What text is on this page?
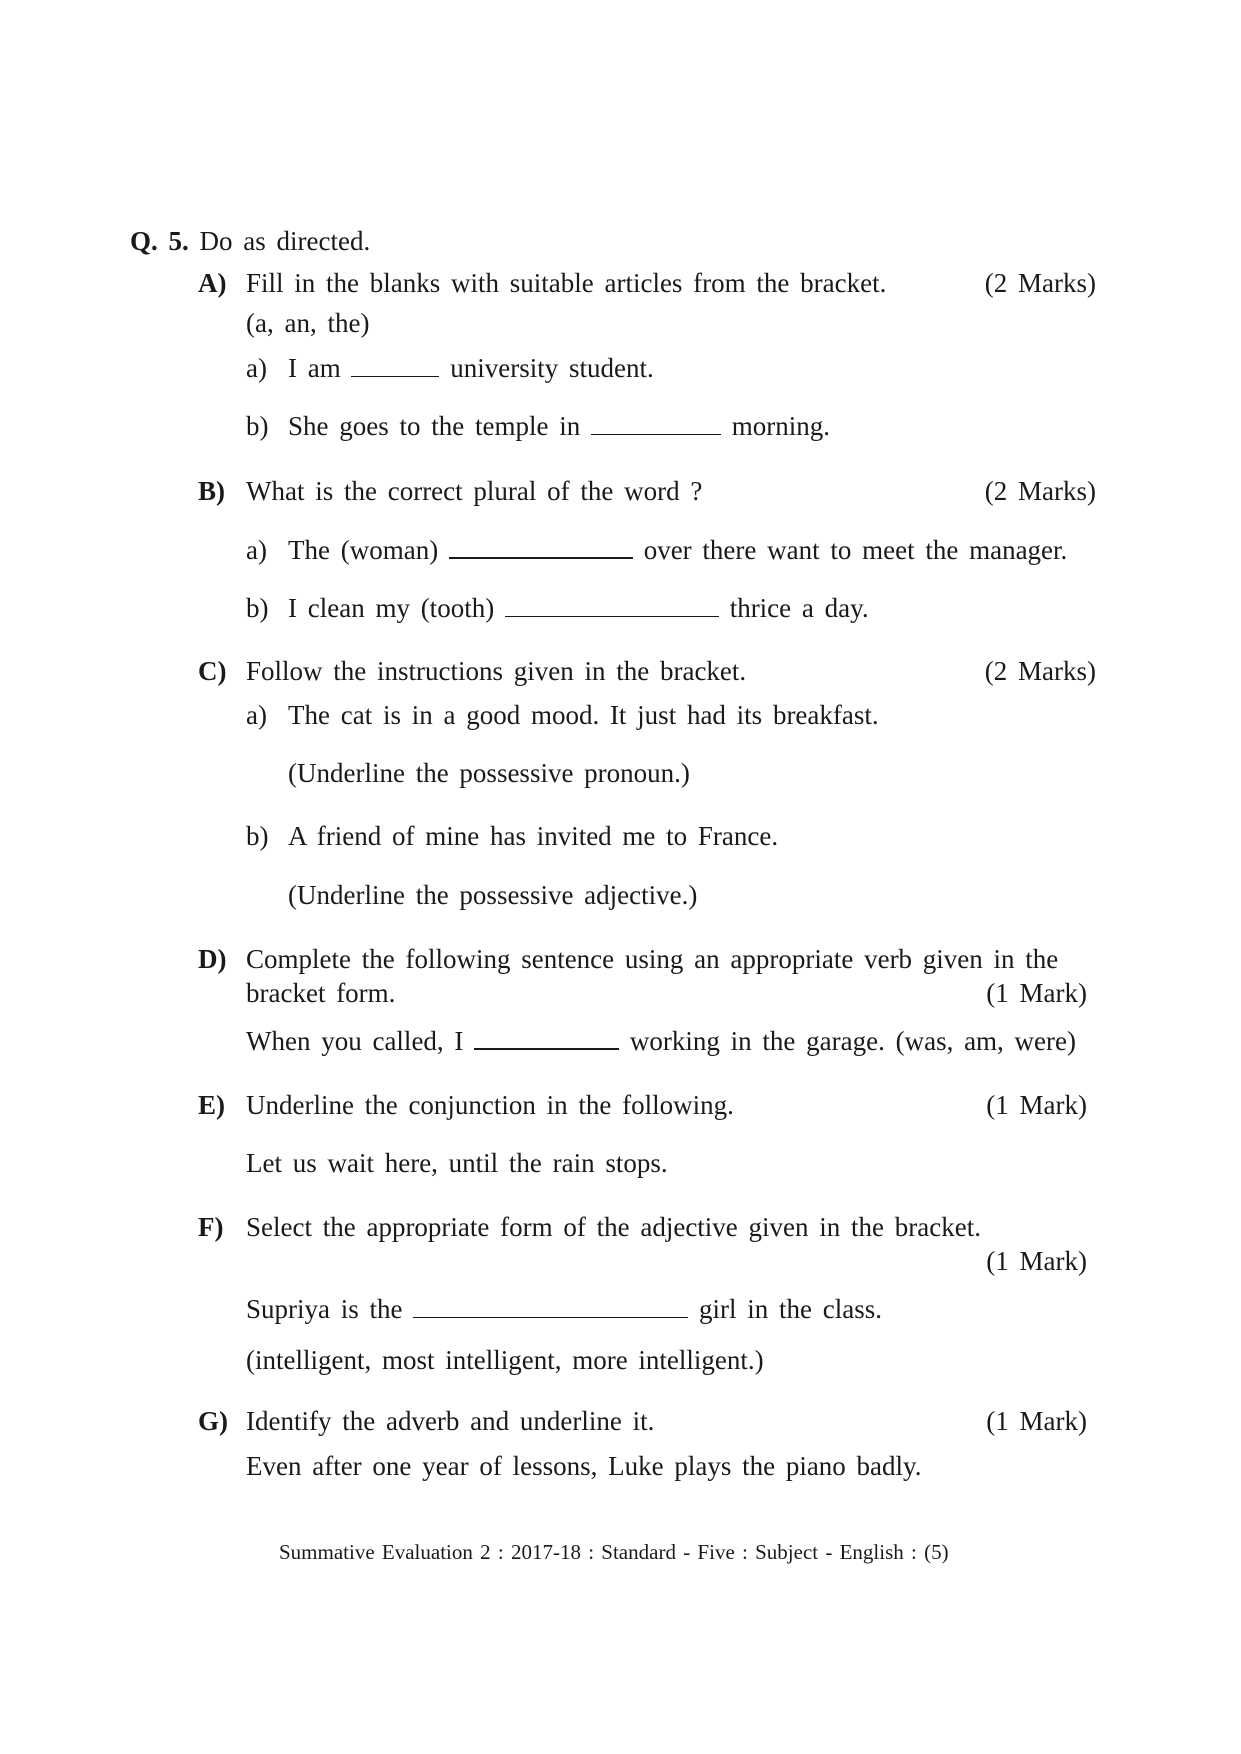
Q. 5. Do as directed.
A) Fill in the blanks with suitable articles from the bracket.	(2 Marks)
(a, an, the)
a) I am	university student.
b) She goes to the temple in	morning.
B) What is the correct plural of the word ?	(2 Marks)
a) The (woman)	over there want to meet the manager.
b) I clean my (tooth)	thrice a day.
C) Follow the instructions given in the bracket.	(2 Marks)
a) The cat is in a good mood. It just had its breakfast.
(Underline the possessive pronoun.)
b) A friend of mine has invited me to France.
(Underline the possessive adjective.)
D) Complete the following sentence using an appropriate verb given in the
bracket form.	(1 Mark)
When you called, I	working in the garage. (was, am, were)
E) Underline the conjunction in the following.	(1 Mark)
Let us wait here, until the rain stops.
F) Select the appropriate form of the adjective given in the bracket.
(1 Mark)
Supriya is the	girl in the class.
(intelligent, most intelligent, more intelligent.)
G) Identify the adverb and underline it.	(1 Mark)
Even after one year of lessons, Luke plays the piano badly.
Summative Evaluation 2 : 2017-18 : Standard - Five : Subject - English : (5)
